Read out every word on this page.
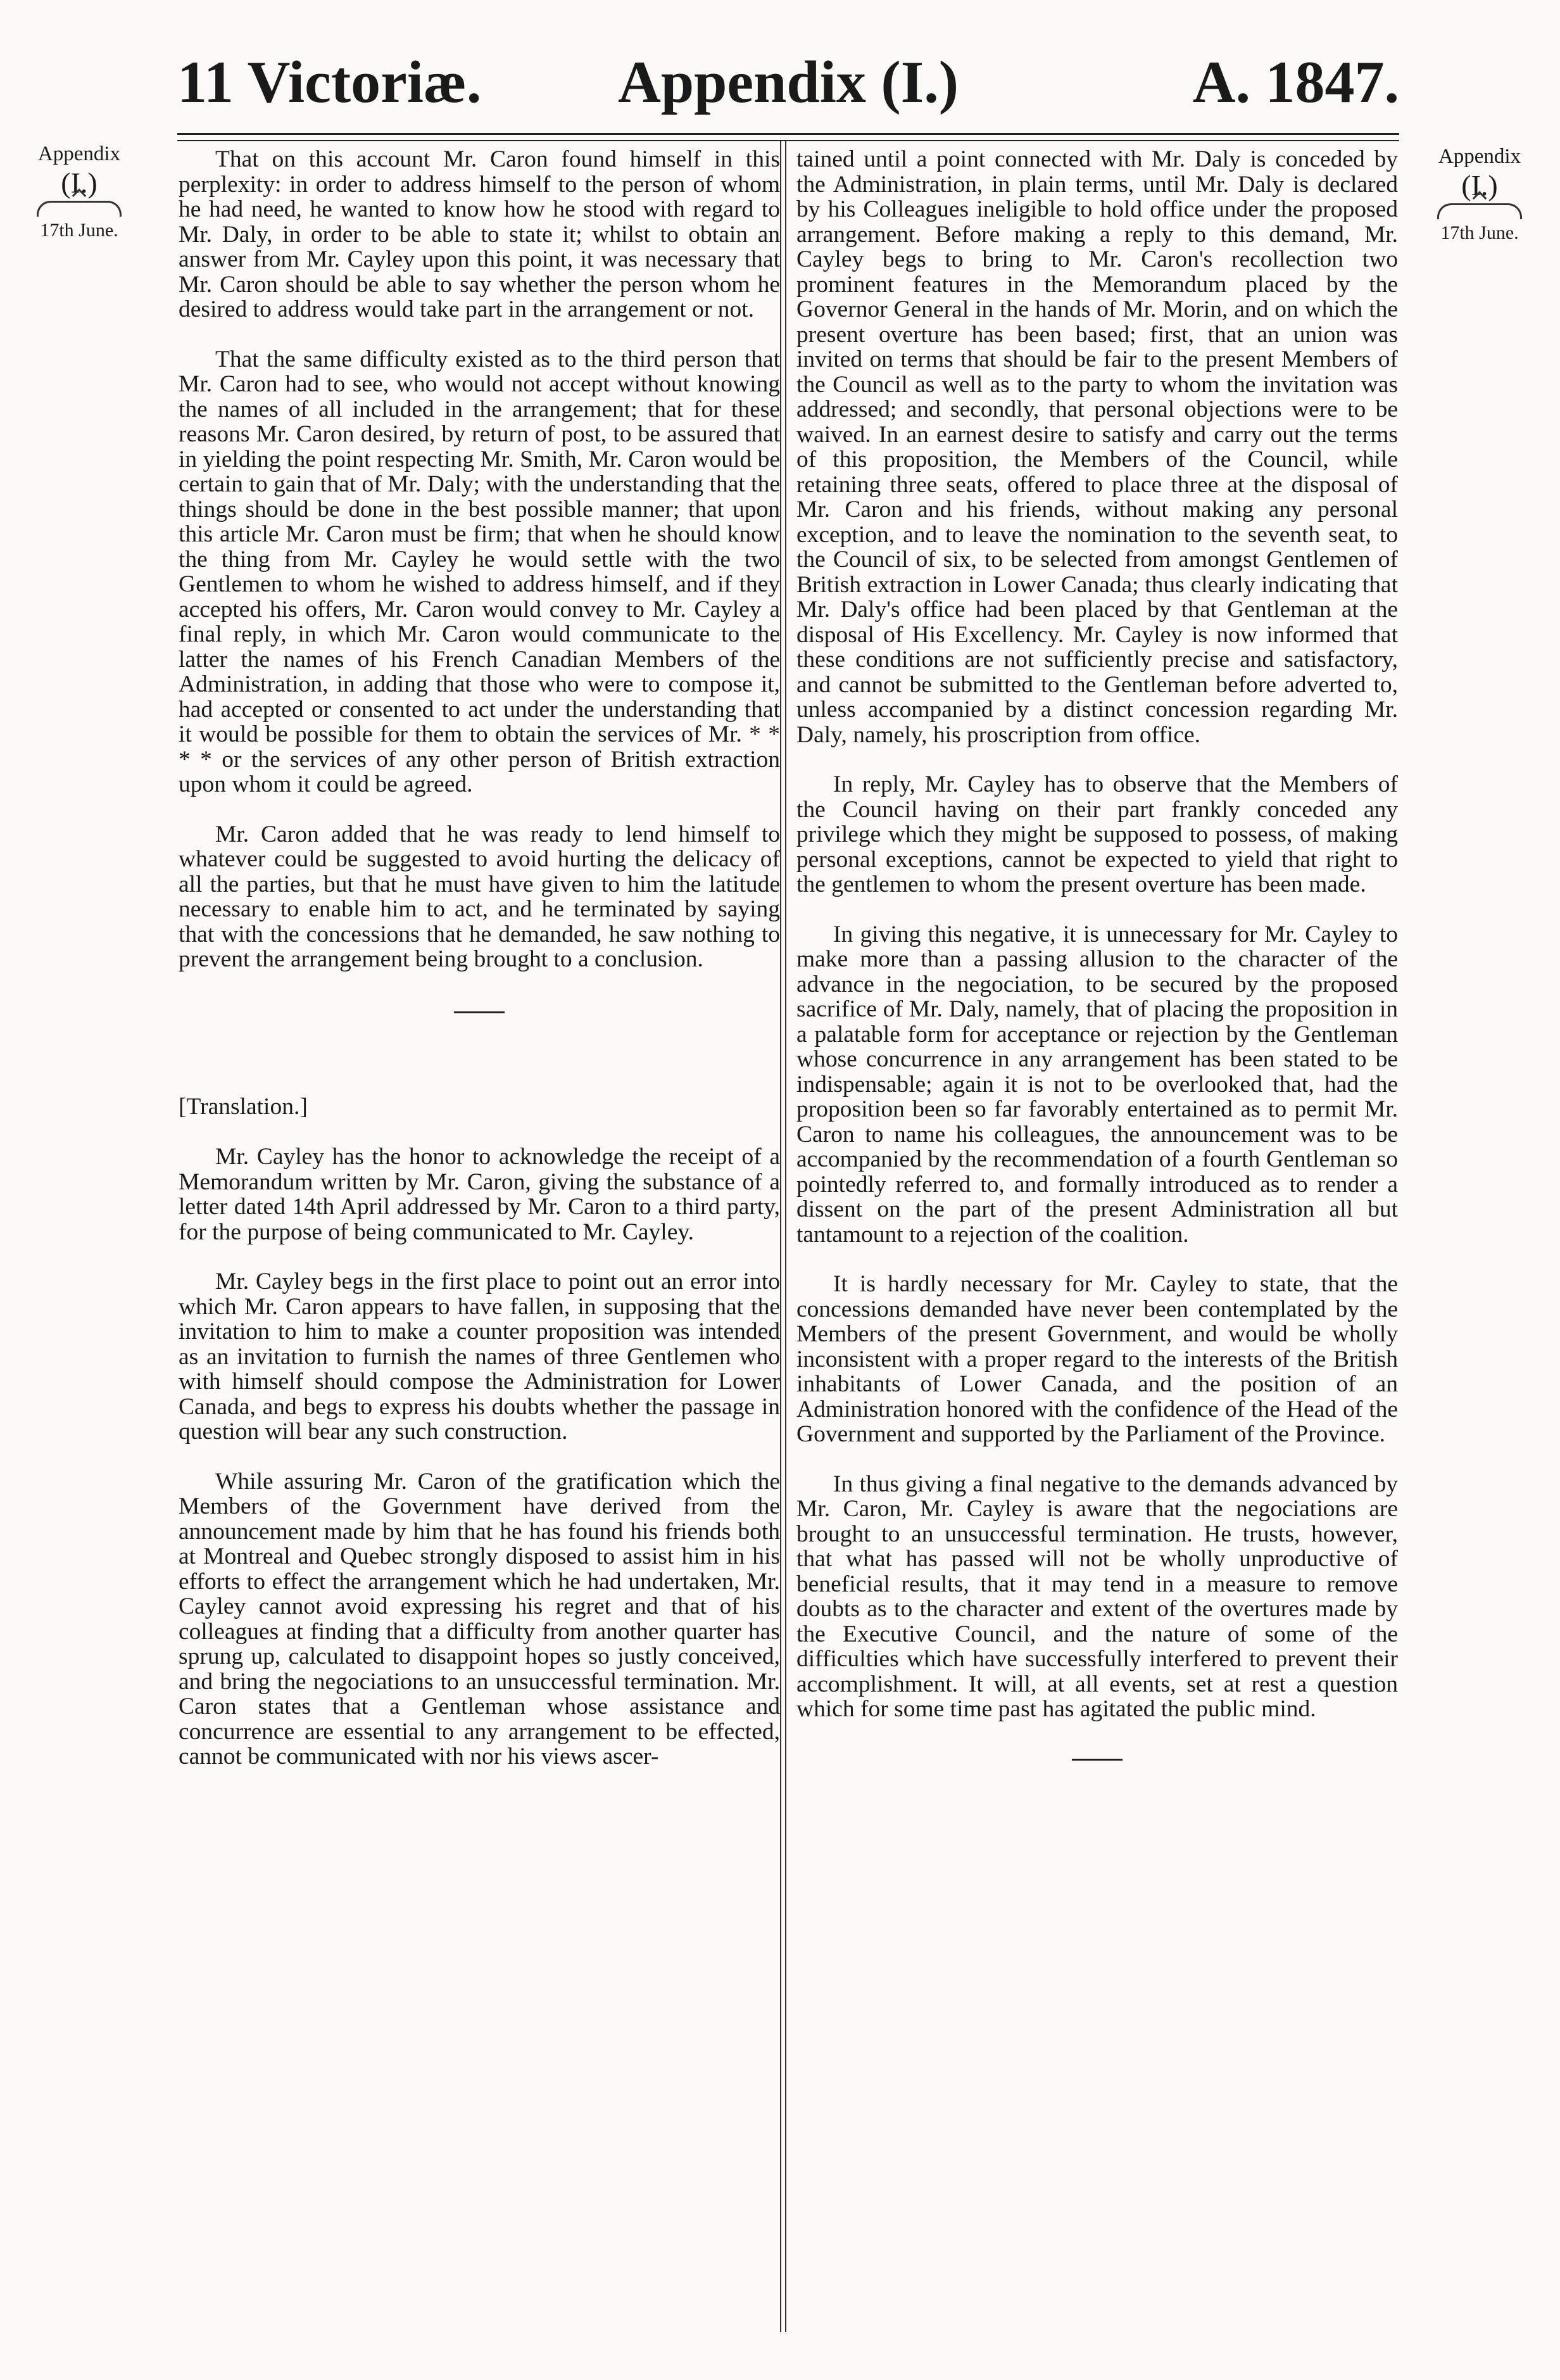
11 Victoriæ.	Appendix (I.)	A. 1847.
Appendix
(I.)
17th June.
Appendix
(I.)
17th June.

That on this account Mr. Caron found himself in this perplexity: in order to address himself to the person of whom he had need, he wanted to know how he stood with regard to Mr. Daly, in order to be able to state it; whilst to obtain an answer from Mr. Cayley upon this point, it was necessary that Mr. Caron should be able to say whether the person whom he desired to address would take part in the arrangement or not.

That the same difficulty existed as to the third person that Mr. Caron had to see, who would not accept without knowing the names of all included in the arrangement; that for these reasons Mr. Caron desired, by return of post, to be assured that in yielding the point respecting Mr. Smith, Mr. Caron would be certain to gain that of Mr. Daly; with the understanding that the things should be done in the best possible manner; that upon this article Mr. Caron must be firm; that when he should know the thing from Mr. Cayley he would settle with the two Gentlemen to whom he wished to address himself, and if they accepted his offers, Mr. Caron would convey to Mr. Cayley a final reply, in which Mr. Caron would communicate to the latter the names of his French Canadian Members of the Administration, in adding that those who were to compose it, had accepted or consented to act under the understanding that it would be possible for them to obtain the services of Mr. * * * * or the services of any other person of British extraction upon whom it could be agreed.

Mr. Caron added that he was ready to lend himself to whatever could be suggested to avoid hurting the delicacy of all the parties, but that he must have given to him the latitude necessary to enable him to act, and he terminated by saying that with the concessions that he demanded, he saw nothing to prevent the arrangement being brought to a conclusion.

[Translation.]

Mr. Cayley has the honor to acknowledge the receipt of a Memorandum written by Mr. Caron, giving the substance of a letter dated 14th April addressed by Mr. Caron to a third party, for the purpose of being communicated to Mr. Cayley.

Mr. Cayley begs in the first place to point out an error into which Mr. Caron appears to have fallen, in supposing that the invitation to him to make a counter proposition was intended as an invitation to furnish the names of three Gentlemen who with himself should compose the Administration for Lower Canada, and begs to express his doubts whether the passage in question will bear any such construction.

While assuring Mr. Caron of the gratification which the Members of the Government have derived from the announcement made by him that he has found his friends both at Montreal and Quebec strongly disposed to assist him in his efforts to effect the arrangement which he had undertaken, Mr. Cayley cannot avoid expressing his regret and that of his colleagues at finding that a difficulty from another quarter has sprung up, calculated to disappoint hopes so justly conceived, and bring the negociations to an unsuccessful termination. Mr. Caron states that a Gentleman whose assistance and concurrence are essential to any arrangement to be effected, cannot be communicated with nor his views ascer-

tained until a point connected with Mr. Daly is conceded by the Administration, in plain terms, until Mr. Daly is declared by his Colleagues ineligible to hold office under the proposed arrangement. Before making a reply to this demand, Mr. Cayley begs to bring to Mr. Caron's recollection two prominent features in the Memorandum placed by the Governor General in the hands of Mr. Morin, and on which the present overture has been based; first, that an union was invited on terms that should be fair to the present Members of the Council as well as to the party to whom the invitation was addressed; and secondly, that personal objections were to be waived. In an earnest desire to satisfy and carry out the terms of this proposition, the Members of the Council, while retaining three seats, offered to place three at the disposal of Mr. Caron and his friends, without making any personal exception, and to leave the nomination to the seventh seat, to the Council of six, to be selected from amongst Gentlemen of British extraction in Lower Canada; thus clearly indicating that Mr. Daly's office had been placed by that Gentleman at the disposal of His Excellency. Mr. Cayley is now informed that these conditions are not sufficiently precise and satisfactory, and cannot be submitted to the Gentleman before adverted to, unless accompanied by a distinct concession regarding Mr. Daly, namely, his proscription from office.

In reply, Mr. Cayley has to observe that the Members of the Council having on their part frankly conceded any privilege which they might be supposed to possess, of making personal exceptions, cannot be expected to yield that right to the gentlemen to whom the present overture has been made.

In giving this negative, it is unnecessary for Mr. Cayley to make more than a passing allusion to the character of the advance in the negociation, to be secured by the proposed sacrifice of Mr. Daly, namely, that of placing the proposition in a palatable form for acceptance or rejection by the Gentleman whose concurrence in any arrangement has been stated to be indispensable; again it is not to be overlooked that, had the proposition been so far favorably entertained as to permit Mr. Caron to name his colleagues, the announcement was to be accompanied by the recommendation of a fourth Gentleman so pointedly referred to, and formally introduced as to render a dissent on the part of the present Administration all but tantamount to a rejection of the coalition.

It is hardly necessary for Mr. Cayley to state, that the concessions demanded have never been contemplated by the Members of the present Government, and would be wholly inconsistent with a proper regard to the interests of the British inhabitants of Lower Canada, and the position of an Administration honored with the confidence of the Head of the Government and supported by the Parliament of the Province.

In thus giving a final negative to the demands advanced by Mr. Caron, Mr. Cayley is aware that the negociations are brought to an unsuccessful termination. He trusts, however, that what has passed will not be wholly unproductive of beneficial results, that it may tend in a measure to remove doubts as to the character and extent of the overtures made by the Executive Council, and the nature of some of the difficulties which have successfully interfered to prevent their accomplishment. It will, at all events, set at rest a question which for some time past has agitated the public mind.
